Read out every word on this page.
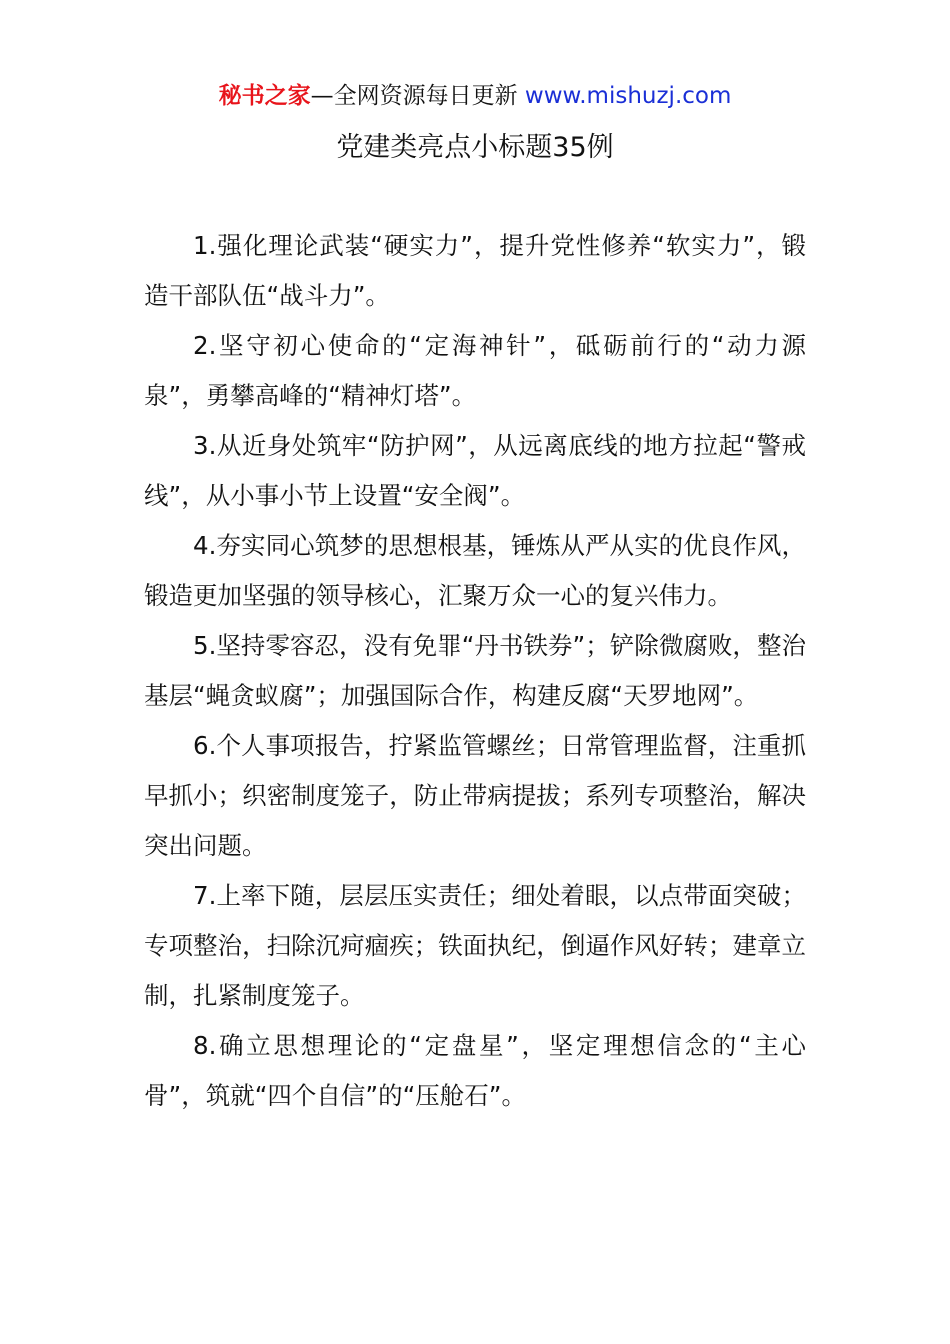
秘书之家—全网资源每日更新 www.mishuzj.com
党建类亮点小标题35例

1.强化理论武装“硬实力”，提升党性修养“软实力”，锻造干部队伍“战斗力”。

2.坚守初心使命的“定海神针”，砥砺前行的“动力源泉”，勇攀高峰的“精神灯塔”。

3.从近身处筑牢“防护网”，从远离底线的地方拉起“警戒线”，从小事小节上设置“安全阀”。

4.夯实同心筑梦的思想根基，锤炼从严从实的优良作风，锻造更加坚强的领导核心，汇聚万众一心的复兴伟力。

5.坚持零容忍，没有免罪“丹书铁券”；铲除微腐败，整治基层“蝇贪蚁腐”；加强国际合作，构建反腐“天罗地网”。

6.个人事项报告，拧紧监管螺丝；日常管理监督，注重抓早抓小；织密制度笼子，防止带病提拔；系列专项整治，解决突出问题。

7.上率下随，层层压实责任；细处着眼，以点带面突破；专项整治，扫除沉疴痼疾；铁面执纪，倒逼作风好转；建章立制，扎紧制度笼子。

8.确立思想理论的“定盘星”，坚定理想信念的“主心骨”，筑就“四个自信”的“压舱石”。
